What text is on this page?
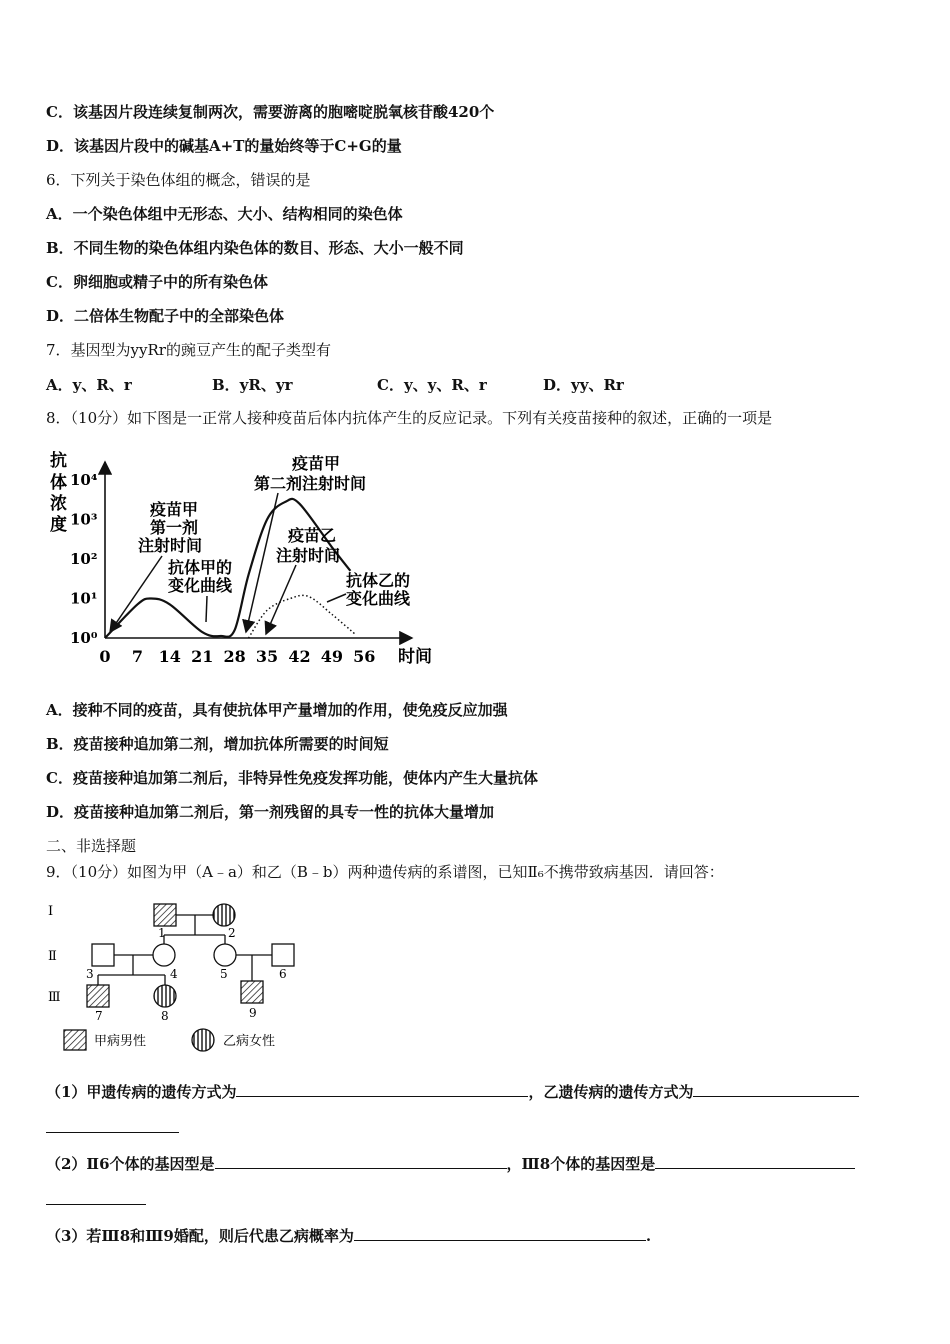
C．该基因片段连续复制两次，需要游离的胞嘧啶脱氧核苷酸420个
D．该基因片段中的碱基A+T的量始终等于C+G的量
6．下列关于染色体组的概念，错误的是
A．一个染色体组中无形态、大小、结构相同的染色体
B．不同生物的染色体组内染色体的数目、形态、大小一般不同
C．卵细胞或精子中的所有染色体
D．二倍体生物配子中的全部染色体
7．基因型为yyRr的豌豆产生的配子类型有
A．y、R、r	B．yR、yr	C．y、y、R、r	D．yy、Rr
8．（10分）如下图是一正常人接种疫苗后体内抗体产生的反应记录。下列有关疫苗接种的叙述，正确的一项是
抗
体
浓
度
时间
10⁰
10¹
10²
10³
10⁴
0 7 14 21 28 35 42 49 56
疫苗甲
第一剂
注射时间
疫苗甲
第二剂注射时间
疫苗乙
注射时间
抗体甲的
变化曲线	抗体乙的
变化曲线
A．接种不同的疫苗，具有使抗体甲产量增加的作用，使免疫反应加强
B．疫苗接种追加第二剂，增加抗体所需要的时间短
C．疫苗接种追加第二剂后，非特异性免疫发挥功能，使体内产生大量抗体
D．疫苗接种追加第二剂后，第一剂残留的具专一性的抗体大量增加
二、非选择题
9．（10分）如图为甲（A﹣a）和乙（B﹣b）两种遗传病的系谱图，已知Ⅱ₆不携带致病基因．请回答：
Ⅰ
Ⅱ
Ⅲ
1	2
3	4	5	6
7	8	9
甲病男性	乙病女性
（1）甲遗传病的遗传方式为	，乙遗传病的遗传方式为
（2）Ⅱ6个体的基因型是	，Ⅲ8个体的基因型是
（3）若Ⅲ8和Ⅲ9婚配，则后代患乙病概率为	.
